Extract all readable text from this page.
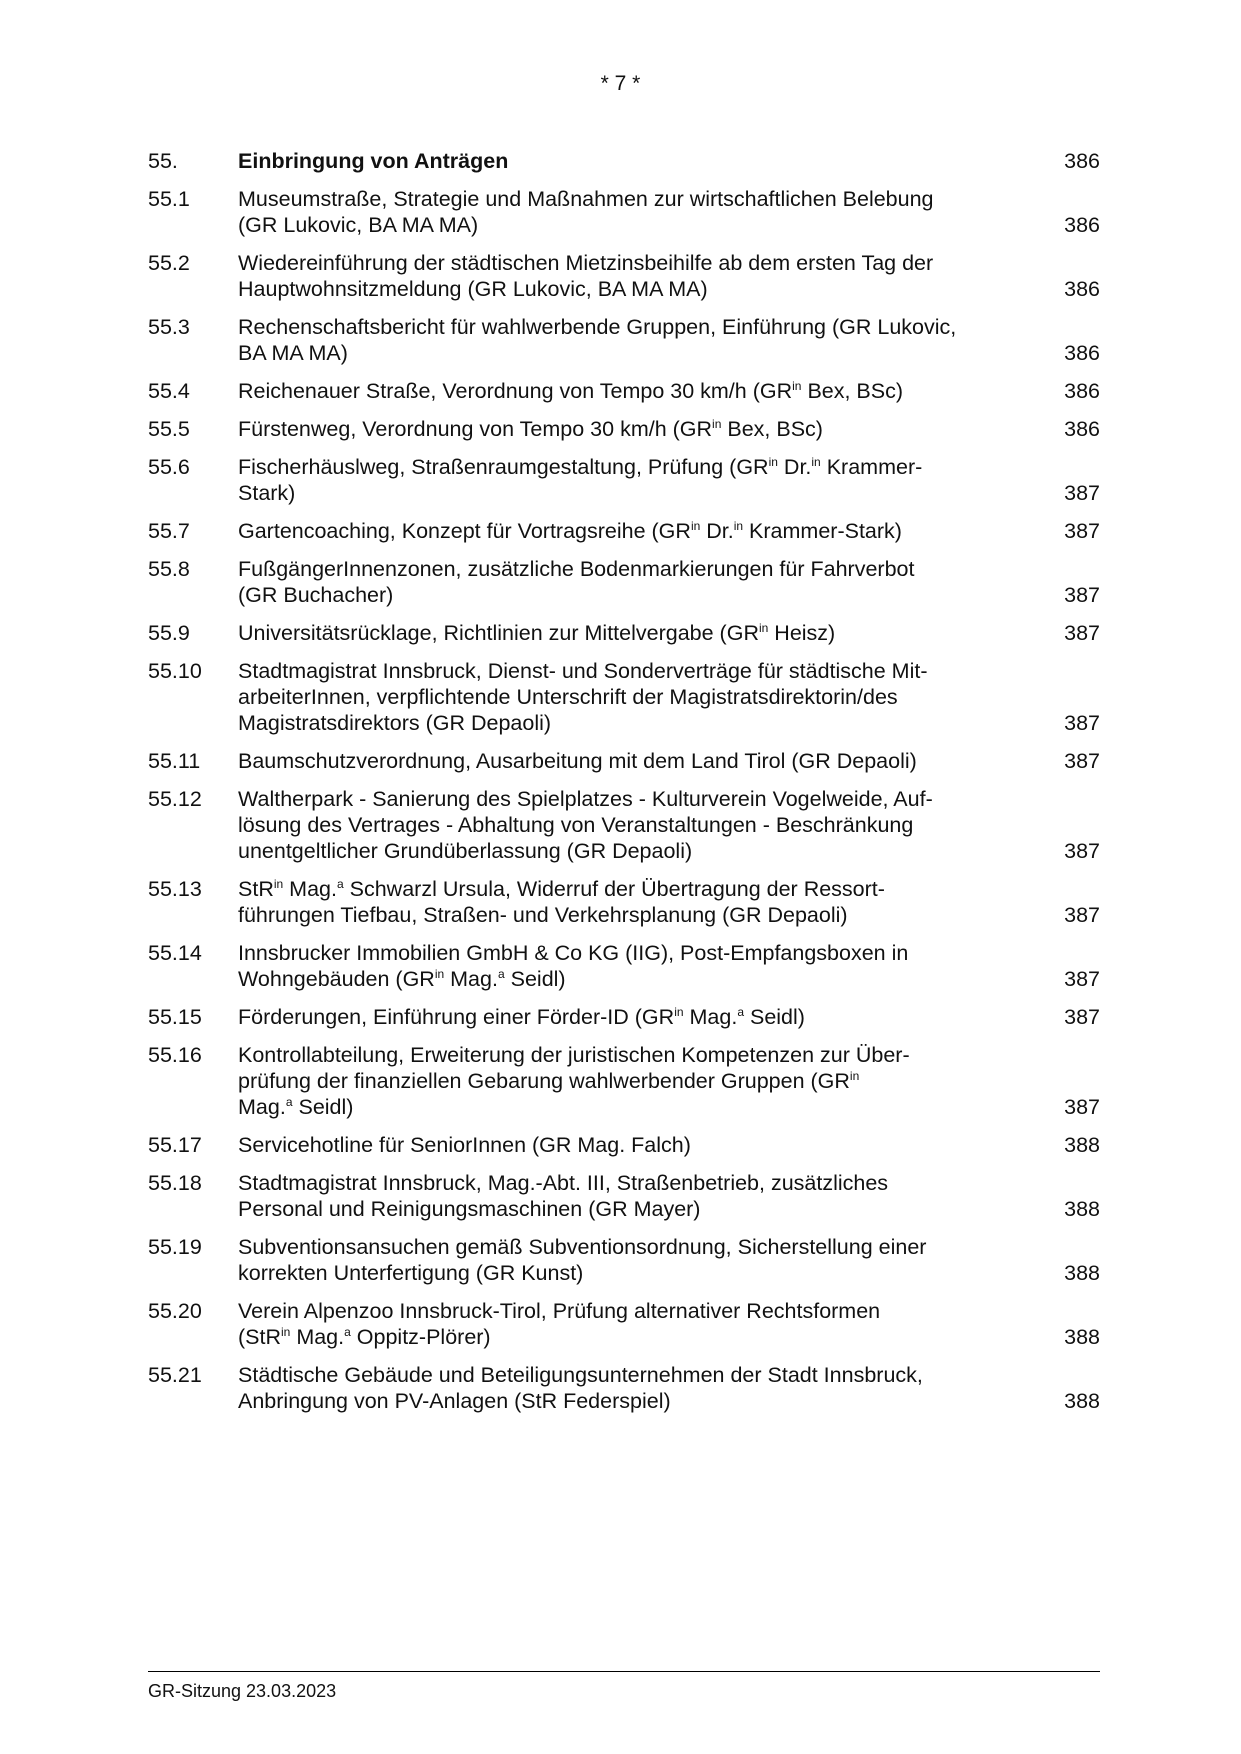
* 7 *
55.	Einbringung von Anträgen	386
55.1	Museumstraße, Strategie und Maßnahmen zur wirtschaftlichen Belebung
(GR Lukovic, BA MA MA)	386
55.2	Wiedereinführung der städtischen Mietzinsbeihilfe ab dem ersten Tag der
Hauptwohnsitzmeldung (GR Lukovic, BA MA MA)	386
55.3	Rechenschaftsbericht für wahlwerbende Gruppen, Einführung (GR Lukovic,
BA MA MA)	386
55.4	Reichenauer Straße, Verordnung von Tempo 30 km/h ($GR^{in}$ Bex, BSc)	386
55.5	Fürstenweg, Verordnung von Tempo 30 km/h ($GR^{in}$ Bex, BSc)	386
55.6	Fischerhäuslweg, Straßenraumgestaltung, Prüfung ($GR^{in}$ Dr.$^{in}$ Krammer-
Stark)	387
55.7	Gartencoaching, Konzept für Vortragsreihe ($GR^{in}$ Dr.$^{in}$ Krammer-Stark)	387
55.8	FußgängerInnenzonen, zusätzliche Bodenmarkierungen für Fahrverbot
(GR Buchacher)	387
55.9	Universitätsrücklage, Richtlinien zur Mittelvergabe ($GR^{in}$ Heisz)	387
55.10	Stadtmagistrat Innsbruck, Dienst- und Sonderverträge für städtische Mit-
arbeiterInnen, verpflichtende Unterschrift der Magistratsdirektorin/des
Magistratsdirektors (GR Depaoli)	387
55.11	Baumschutzverordnung, Ausarbeitung mit dem Land Tirol (GR Depaoli)	387
55.12	Waltherpark - Sanierung des Spielplatzes - Kulturverein Vogelweide, Auf-
lösung des Vertrages - Abhaltung von Veranstaltungen - Beschränkung
unentgeltlicher Grundüberlassung (GR Depaoli)	387
55.13	StR$^{in}$ Mag.$^a$ Schwarzl Ursula, Widerruf der Übertragung der Ressort-
führungen Tiefbau, Straßen- und Verkehrsplanung (GR Depaoli)	387
55.14	Innsbrucker Immobilien GmbH & Co KG (IIG), Post-Empfangsboxen in
Wohngebäuden ($GR^{in}$ Mag.$^a$ Seidl)	387
55.15	Förderungen, Einführung einer Förder-ID ($GR^{in}$ Mag.$^a$ Seidl)	387
55.16	Kontrollabteilung, Erweiterung der juristischen Kompetenzen zur Über-
prüfung der finanziellen Gebarung wahlwerbender Gruppen ($GR^{in}$
Mag.$^a$ Seidl)	387
55.17	Servicehotline für SeniorInnen (GR Mag. Falch)	388
55.18	Stadtmagistrat Innsbruck, Mag.-Abt. III, Straßenbetrieb, zusätzliches
Personal und Reinigungsmaschinen (GR Mayer)	388
55.19	Subventionsansuchen gemäß Subventionsordnung, Sicherstellung einer
korrekten Unterfertigung (GR Kunst)	388
55.20	Verein Alpenzoo Innsbruck-Tirol, Prüfung alternativer Rechtsformen
(StR$^{in}$ Mag.$^a$ Oppitz-Plörer)	388
55.21	Städtische Gebäude und Beteiligungsunternehmen der Stadt Innsbruck,
Anbringung von PV-Anlagen (StR Federspiel)	388
GR-Sitzung 23.03.2023
